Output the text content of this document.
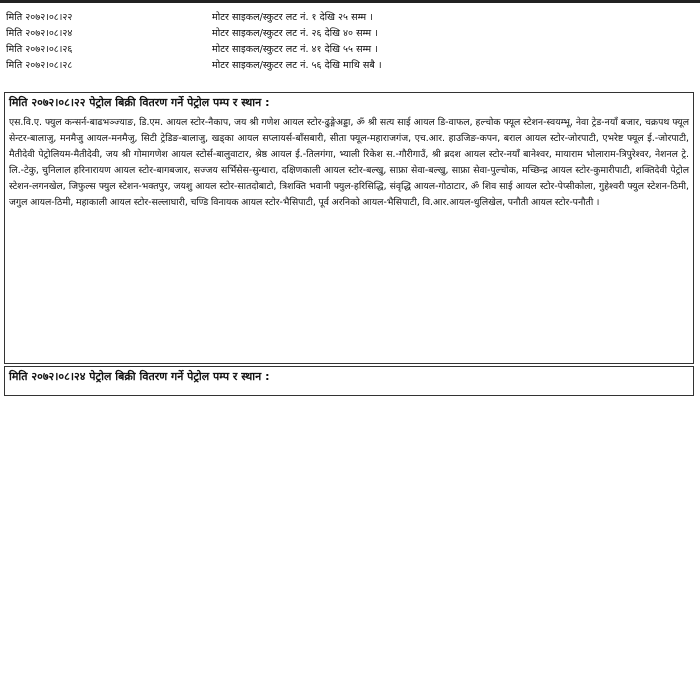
मिति २०७२।०८।२२	मोटर साइकल/स्कुटर लट नं. १ देखि २५ सम्म ।
मिति २०७२।०८।२४	मोटर साइकल/स्कुटर लट नं. २६ देखि ४० सम्म ।
मिति २०७२।०८।२६	मोटर साइकल/स्कुटर लट नं. ४१ देखि ५५ सम्म ।
मिति २०७२।०८।२८	मोटर साइकल/स्कुटर लट नं. ५६ देखि माथि सबै ।
मिति २०७२।०८।२२ पेट्रोल बिक्री वितरण गर्ने पेट्रोल पम्प र स्थान :
एस.वि.ए. फ्युल कन्सर्न-बाढभञ्ज्याङ, डि.एम. आयल स्टोर-नैकाप, जय श्री गणेश आयल स्टोर-ढुङ्गेअड्डा, ॐ श्री सत्य साई आयल डि-वाफल, हल्चोक फ्यूल स्टेशन-स्वयम्भू, नेवा ट्रेड-नयाँ बजार, चक्रपथ फ्यूल सेन्टर-बालाजु, मनमैजु आयल-मनमैजु, सिटी ट्रेडिङ-बालाजु, खड्का आयल सप्लायर्स-बाँसबारी, सीता फ्यूल-महाराजगंज, एच.आर. हाउजिङ-कपन, बराल आयल स्टोर-जोरपाटी, एभरेष्ट फ्यूल ई.-जोरपाटी, मैतीदेवी पेट्रोलियम-मैतीदेवी, जय श्री गोमागणेश आयल स्टोर्स-बालुवाटार, श्रेष्ठ आयल ई.-तिलगंगा, भ्याली रिकेश स.-गौरीगाउँ, श्री ब्रदश आयल स्टोर-नयाँ बानेश्वर, मायाराम भोलाराम-त्रिपुरेश्वर, नेशनल ट्रे. लि.-टेकु, चुनिलाल हरिनारायण आयल स्टोर-बागबजार, सज्जय सर्भिसेस-सुन्धारा, दक्षिणकाली आयल स्टोर-बल्खु, साफ्रा सेवा-बल्खु, साफ्रा सेवा-पुल्चोक, मच्छिन्द्र आयल स्टोर-कुमारीपाटी, शक्तिदेवी पेट्रोल स्टेशन-लगनखेल, जिफुल्स फ्युल स्टेशन-भक्तपुर, जयशु आयल स्टोर-सातदोबाटो, त्रिशक्ति भवानी फ्युल-हरिसिद्धि, संवृद्धि आयल-गोठाटार, ॐ शिव साई आयल स्टोर-पेप्सीकोला, गुहेश्वरी फ्युल स्टेशन-ठिमी, जगुल आयल-ठिमी, महाकाली आयल स्टोर-सल्लाघारी, चण्डि विनायक आयल स्टोर-भैसिपाटी, पूर्व अरनिको आयल-भैसिपाटी, वि.आर.आयल-धुलिखेल, पनौती आयल स्टोर-पनौती ।
मिति २०७२।०८।२४ पेट्रोल बिक्री वितरण गर्ने पेट्रोल पम्प र स्थान :
